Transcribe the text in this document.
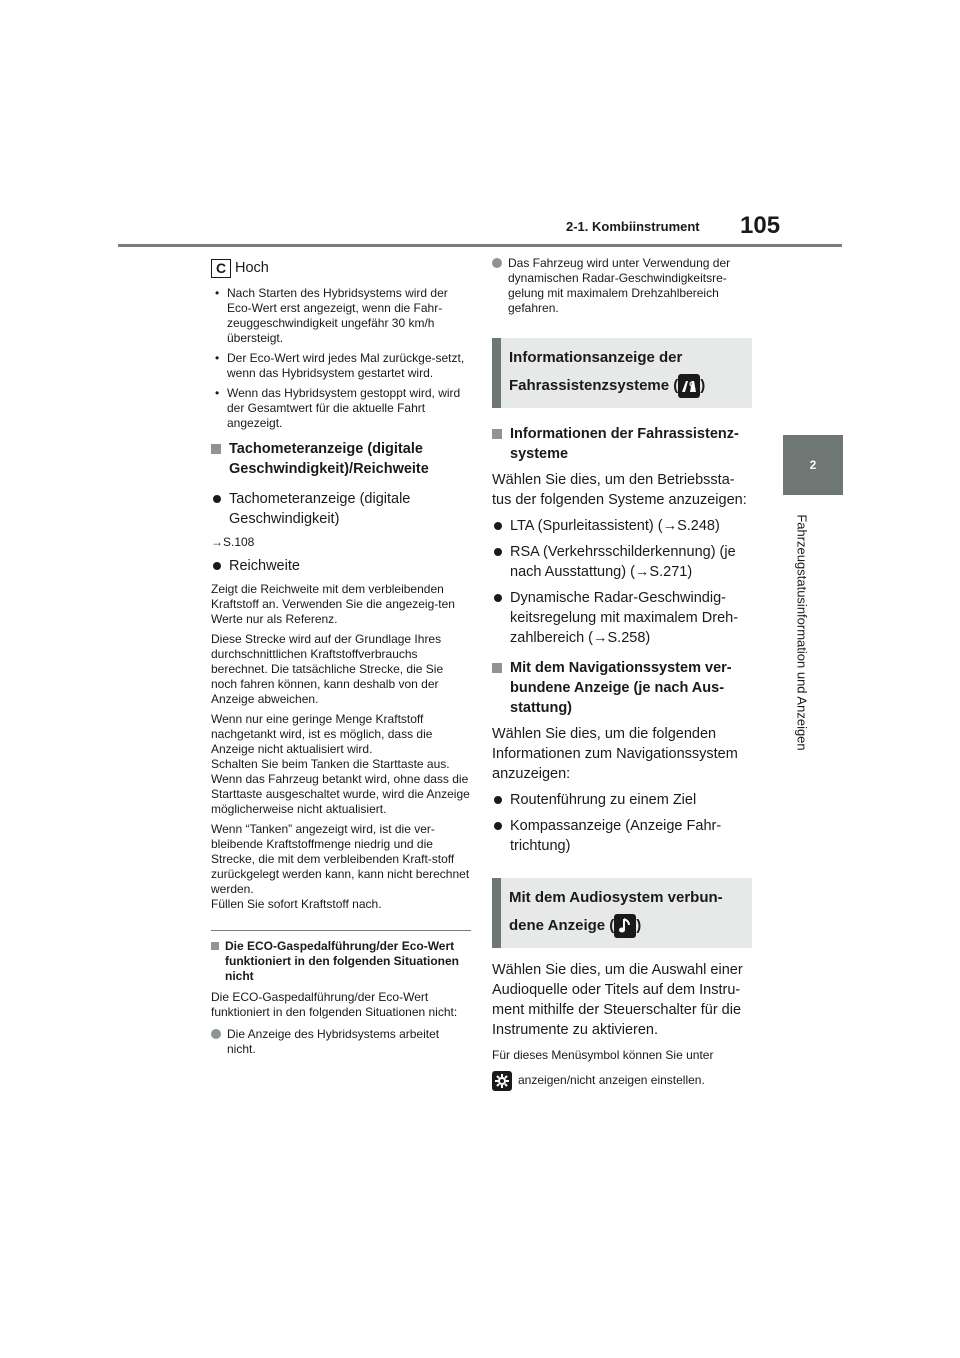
2-1. Kombiinstrument 105
2
Fahrzeugstatusinformation und Anzeigen
C Hoch
• Nach Starten des Hybridsystems wird der Eco-Wert erst angezeigt, wenn die Fahr-zeuggeschwindigkeit ungefähr 30 km/h übersteigt.
• Der Eco-Wert wird jedes Mal zurückge-setzt, wenn das Hybridsystem gestartet wird.
• Wenn das Hybridsystem gestoppt wird, wird der Gesamtwert für die aktuelle Fahrt angezeigt.
Tachometeranzeige (digitale Geschwindigkeit)/Reichweite
Tachometeranzeige (digitale Geschwindigkeit)
→S.108
Reichweite
Zeigt die Reichweite mit dem verbleibenden Kraftstoff an. Verwenden Sie die angezeig-ten Werte nur als Referenz.
Diese Strecke wird auf der Grundlage Ihres durchschnittlichen Kraftstoffverbrauchs berechnet. Die tatsächliche Strecke, die Sie noch fahren können, kann deshalb von der Anzeige abweichen.
Wenn nur eine geringe Menge Kraftstoff nachgetankt wird, ist es möglich, dass die Anzeige nicht aktualisiert wird.
Schalten Sie beim Tanken die Starttaste aus. Wenn das Fahrzeug betankt wird, ohne dass die Starttaste ausgeschaltet wurde, wird die Anzeige möglicherweise nicht aktualisiert.
Wenn “Tanken” angezeigt wird, ist die ver-bleibende Kraftstoffmenge niedrig und die Strecke, die mit dem verbleibenden Kraft-stoff zurückgelegt werden kann, kann nicht berechnet werden.
Füllen Sie sofort Kraftstoff nach.
Die ECO-Gaspedalführung/der Eco-Wert funktioniert in den folgenden Situationen nicht
Die ECO-Gaspedalführung/der Eco-Wert funktioniert in den folgenden Situationen nicht:
Die Anzeige des Hybridsystems arbeitet nicht.
Das Fahrzeug wird unter Verwendung der dynamischen Radar-Geschwindigkeitsre-gelung mit maximalem Drehzahlbereich gefahren.
Informationsanzeige der
Fahrassistenzsysteme ( )
Informationen der Fahrassistenz-systeme
Wählen Sie dies, um den Betriebssta-tus der folgenden Systeme anzuzeigen:
LTA (Spurleitassistent) (→S.248)
RSA (Verkehrsschilderkennung) (je nach Ausstattung) (→S.271)
Dynamische Radar-Geschwindig-keitsregelung mit maximalem Dreh-zahlbereich (→S.258)
Mit dem Navigationssystem ver-bundene Anzeige (je nach Aus-stattung)
Wählen Sie dies, um die folgenden Informationen zum Navigationssystem anzuzeigen:
Routenführung zu einem Ziel
Kompassanzeige (Anzeige Fahr-trichtung)
Mit dem Audiosystem verbun-
dene Anzeige ( )
Wählen Sie dies, um die Auswahl einer Audioquelle oder Titels auf dem Instru-ment mithilfe der Steuerschalter für die Instrumente zu aktivieren.
Für dieses Menüsymbol können Sie unter
anzeigen/nicht anzeigen einstellen.
